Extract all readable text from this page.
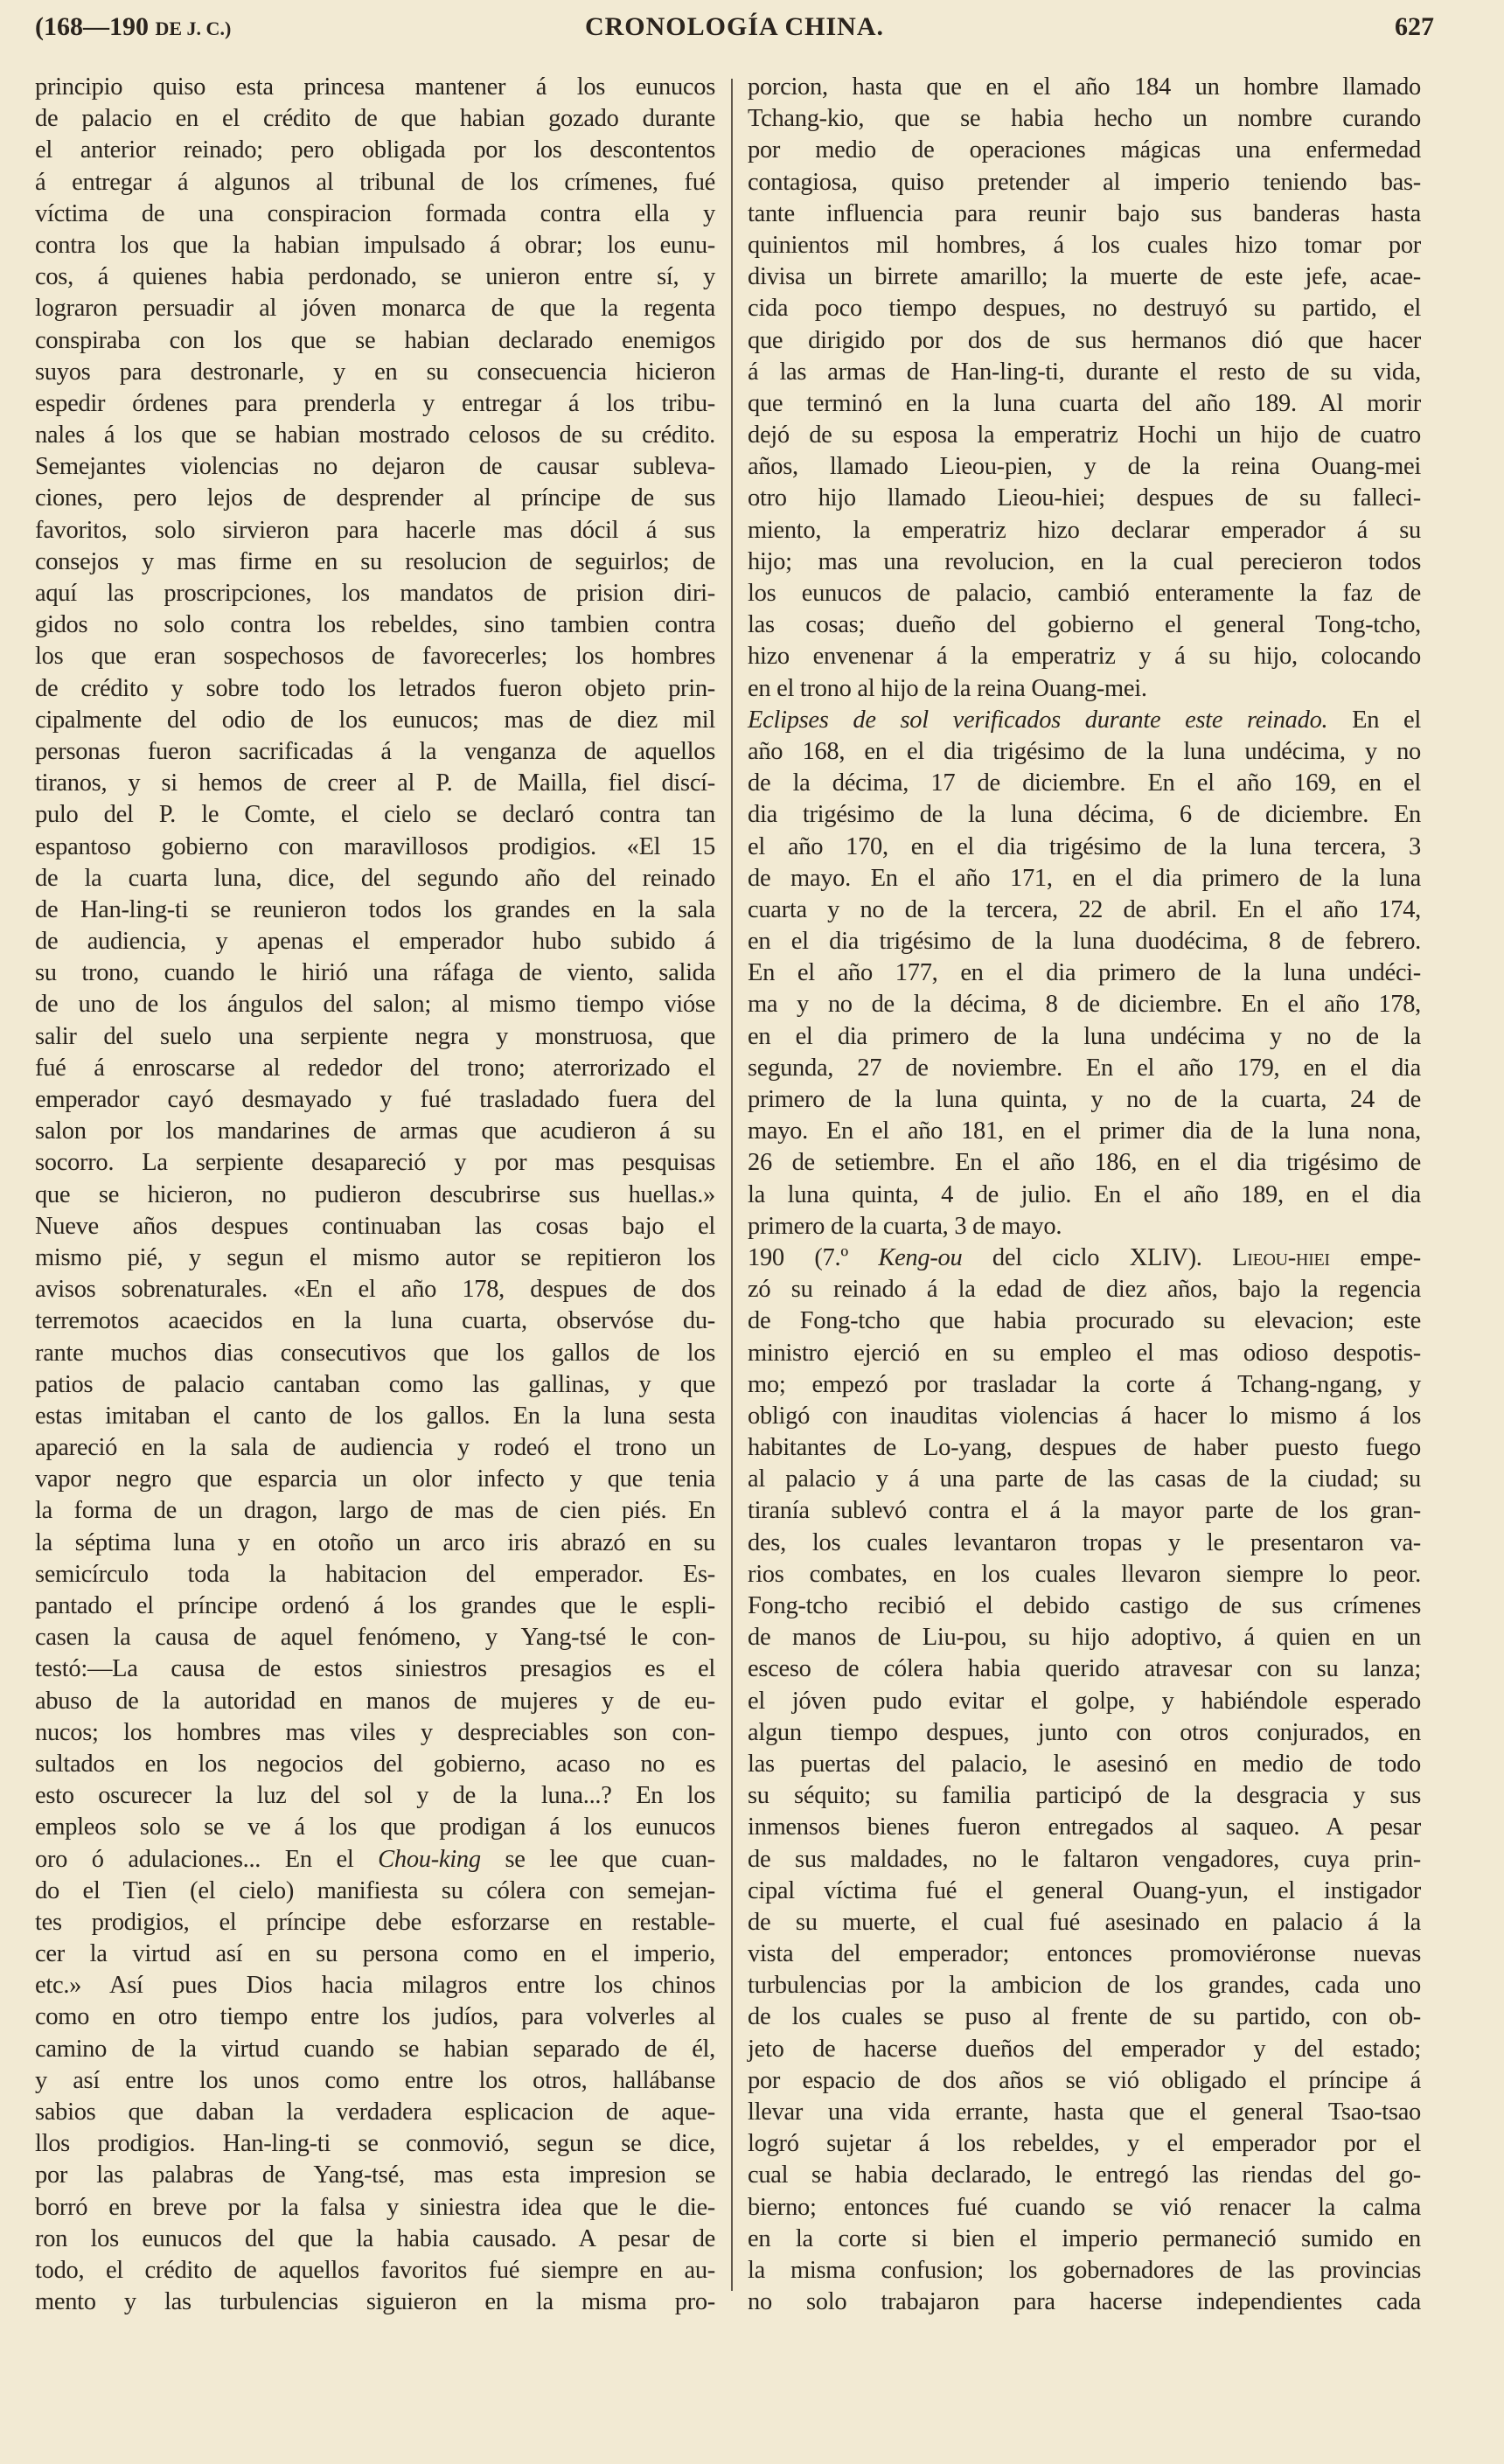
(168—190 DE J. C.)	CRONOLOGÍA CHINA.	627
principio quiso esta princesa mantener á los eunucos
de palacio en el crédito de que habian gozado durante
el anterior reinado; pero obligada por los descontentos
á entregar á algunos al tribunal de los crímenes, fué
víctima de una conspiracion formada contra ella y
contra los que la habian impulsado á obrar; los eunu-
cos, á quienes habia perdonado, se unieron entre sí, y
lograron persuadir al jóven monarca de que la regenta
conspiraba con los que se habian declarado enemigos
suyos para destronarle, y en su consecuencia hicieron
espedir órdenes para prenderla y entregar á los tribu-
nales á los que se habian mostrado celosos de su crédito.
Semejantes violencias no dejaron de causar subleva-
ciones, pero lejos de desprender al príncipe de sus
favoritos, solo sirvieron para hacerle mas dócil á sus
consejos y mas firme en su resolucion de seguirlos; de
aquí las proscripciones, los mandatos de prision diri-
gidos no solo contra los rebeldes, sino tambien contra
los que eran sospechosos de favorecerles; los hombres
de crédito y sobre todo los letrados fueron objeto prin-
cipalmente del odio de los eunucos; mas de diez mil
personas fueron sacrificadas á la venganza de aquellos
tiranos, y si hemos de creer al P. de Mailla, fiel discí-
pulo del P. le Comte, el cielo se declaró contra tan
espantoso gobierno con maravillosos prodigios. «El 15
de la cuarta luna, dice, del segundo año del reinado
de Han-ling-ti se reunieron todos los grandes en la sala
de audiencia, y apenas el emperador hubo subido á
su trono, cuando le hirió una ráfaga de viento, salida
de uno de los ángulos del salon; al mismo tiempo vióse
salir del suelo una serpiente negra y monstruosa, que
fué á enroscarse al rededor del trono; aterrorizado el
emperador cayó desmayado y fué trasladado fuera del
salon por los mandarines de armas que acudieron á su
socorro. La serpiente desapareció y por mas pesquisas
que se hicieron, no pudieron descubrirse sus huellas.»
Nueve años despues continuaban las cosas bajo el
mismo pié, y segun el mismo autor se repitieron los
avisos sobrenaturales. «En el año 178, despues de dos
terremotos acaecidos en la luna cuarta, observóse du-
rante muchos dias consecutivos que los gallos de los
patios de palacio cantaban como las gallinas, y que
estas imitaban el canto de los gallos. En la luna sesta
apareció en la sala de audiencia y rodeó el trono un
vapor negro que esparcia un olor infecto y que tenia
la forma de un dragon, largo de mas de cien piés. En
la séptima luna y en otoño un arco iris abrazó en su
semicírculo toda la habitacion del emperador. Es-
pantado el príncipe ordenó á los grandes que le espli-
casen la causa de aquel fenómeno, y Yang-tsé le con-
testó:—La causa de estos siniestros presagios es el
abuso de la autoridad en manos de mujeres y de eu-
nucos; los hombres mas viles y despreciables son con-
sultados en los negocios del gobierno, acaso no es
esto oscurecer la luz del sol y de la luna...? En los
empleos solo se ve á los que prodigan á los eunucos
oro ó adulaciones... En el Chou-king se lee que cuan-
do el Tien (el cielo) manifiesta su cólera con semejan-
tes prodigios, el príncipe debe esforzarse en restable-
cer la virtud así en su persona como en el imperio,
etc.» Así pues Dios hacia milagros entre los chinos
como en otro tiempo entre los judíos, para volverles al
camino de la virtud cuando se habian separado de él,
y así entre los unos como entre los otros, hallábanse
sabios que daban la verdadera esplicacion de aque-
llos prodigios. Han-ling-ti se conmovió, segun se dice,
por las palabras de Yang-tsé, mas esta impresion se
borró en breve por la falsa y siniestra idea que le die-
ron los eunucos del que la habia causado. A pesar de
todo, el crédito de aquellos favoritos fué siempre en au-
mento y las turbulencias siguieron en la misma pro-
porcion, hasta que en el año 184 un hombre llamado
Tchang-kio, que se habia hecho un nombre curando
por medio de operaciones mágicas una enfermedad
contagiosa, quiso pretender al imperio teniendo bas-
tante influencia para reunir bajo sus banderas hasta
quinientos mil hombres, á los cuales hizo tomar por
divisa un birrete amarillo; la muerte de este jefe, acae-
cida poco tiempo despues, no destruyó su partido, el
que dirigido por dos de sus hermanos dió que hacer
á las armas de Han-ling-ti, durante el resto de su vida,
que terminó en la luna cuarta del año 189. Al morir
dejó de su esposa la emperatriz Hochi un hijo de cuatro
años, llamado Lieou-pien, y de la reina Ouang-mei
otro hijo llamado Lieou-hiei; despues de su falleci-
miento, la emperatriz hizo declarar emperador á su
hijo; mas una revolucion, en la cual perecieron todos
los eunucos de palacio, cambió enteramente la faz de
las cosas; dueño del gobierno el general Tong-tcho,
hizo envenenar á la emperatriz y á su hijo, colocando
en el trono al hijo de la reina Ouang-mei.
Eclipses de sol verificados durante este reinado. En el
año 168, en el dia trigésimo de la luna undécima, y no
de la décima, 17 de diciembre. En el año 169, en el
dia trigésimo de la luna décima, 6 de diciembre. En
el año 170, en el dia trigésimo de la luna tercera, 3
de mayo. En el año 171, en el dia primero de la luna
cuarta y no de la tercera, 22 de abril. En el año 174,
en el dia trigésimo de la luna duodécima, 8 de febrero.
En el año 177, en el dia primero de la luna undéci-
ma y no de la décima, 8 de diciembre. En el año 178,
en el dia primero de la luna undécima y no de la
segunda, 27 de noviembre. En el año 179, en el dia
primero de la luna quinta, y no de la cuarta, 24 de
mayo. En el año 181, en el primer dia de la luna nona,
26 de setiembre. En el año 186, en el dia trigésimo de
la luna quinta, 4 de julio. En el año 189, en el dia
primero de la cuarta, 3 de mayo.
190 (7.º Keng-ou del ciclo XLIV). Lieou-hiei empe-
zó su reinado á la edad de diez años, bajo la regencia
de Fong-tcho que habia procurado su elevacion; este
ministro ejerció en su empleo el mas odioso despotis-
mo; empezó por trasladar la corte á Tchang-ngang, y
obligó con inauditas violencias á hacer lo mismo á los
habitantes de Lo-yang, despues de haber puesto fuego
al palacio y á una parte de las casas de la ciudad; su
tiranía sublevó contra el á la mayor parte de los gran-
des, los cuales levantaron tropas y le presentaron va-
rios combates, en los cuales llevaron siempre lo peor.
Fong-tcho recibió el debido castigo de sus crímenes
de manos de Liu-pou, su hijo adoptivo, á quien en un
esceso de cólera habia querido atravesar con su lanza;
el jóven pudo evitar el golpe, y habiéndole esperado
algun tiempo despues, junto con otros conjurados, en
las puertas del palacio, le asesinó en medio de todo
su séquito; su familia participó de la desgracia y sus
inmensos bienes fueron entregados al saqueo. A pesar
de sus maldades, no le faltaron vengadores, cuya prin-
cipal víctima fué el general Ouang-yun, el instigador
de su muerte, el cual fué asesinado en palacio á la
vista del emperador; entonces promoviéronse nuevas
turbulencias por la ambicion de los grandes, cada uno
de los cuales se puso al frente de su partido, con ob-
jeto de hacerse dueños del emperador y del estado;
por espacio de dos años se vió obligado el príncipe á
llevar una vida errante, hasta que el general Tsao-tsao
logró sujetar á los rebeldes, y el emperador por el
cual se habia declarado, le entregó las riendas del go-
bierno; entonces fué cuando se vió renacer la calma
en la corte si bien el imperio permaneció sumido en
la misma confusion; los gobernadores de las provincias
no solo trabajaron para hacerse independientes cada
